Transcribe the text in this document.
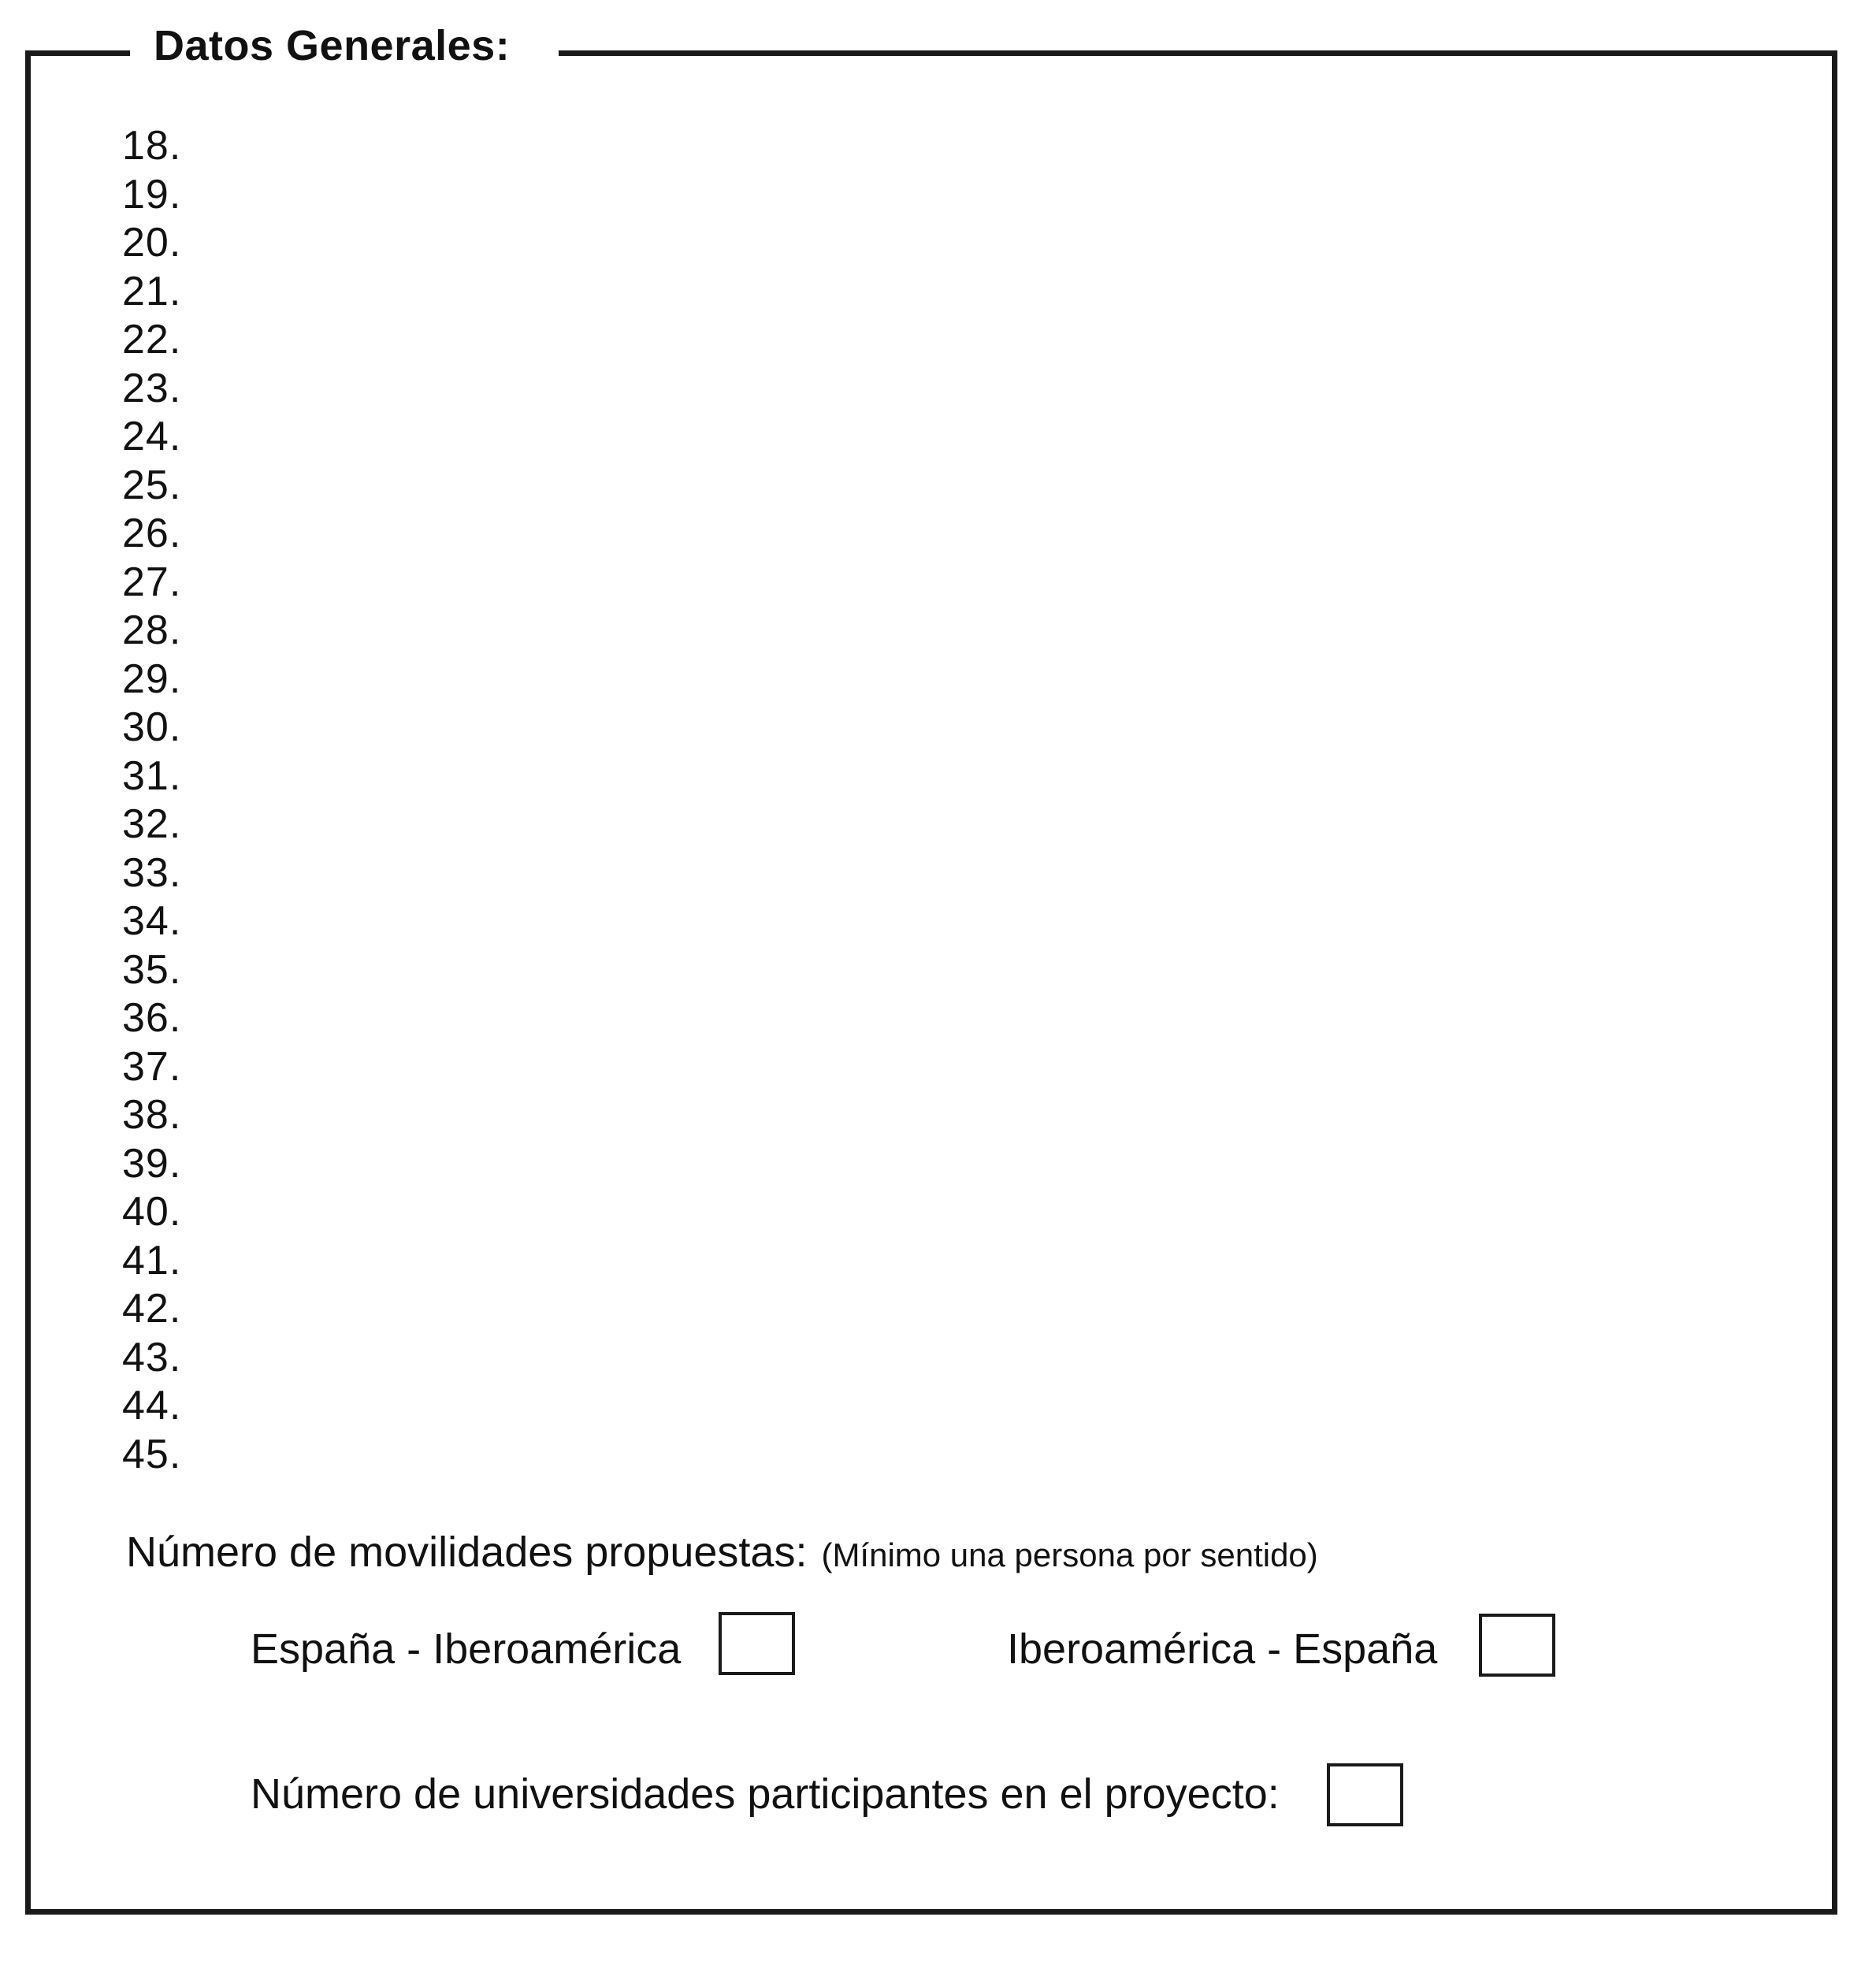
Datos Generales:
18.
19.
20.
21.
22.
23.
24.
25.
26.
27.
28.
29.
30.
31.
32.
33.
34.
35.
36.
37.
38.
39.
40.
41.
42.
43.
44.
45.
Número de movilidades propuestas: (Mínimo una persona por sentido)
España - Iberoamérica	Iberoamérica - España
Número de universidades participantes en el proyecto:
